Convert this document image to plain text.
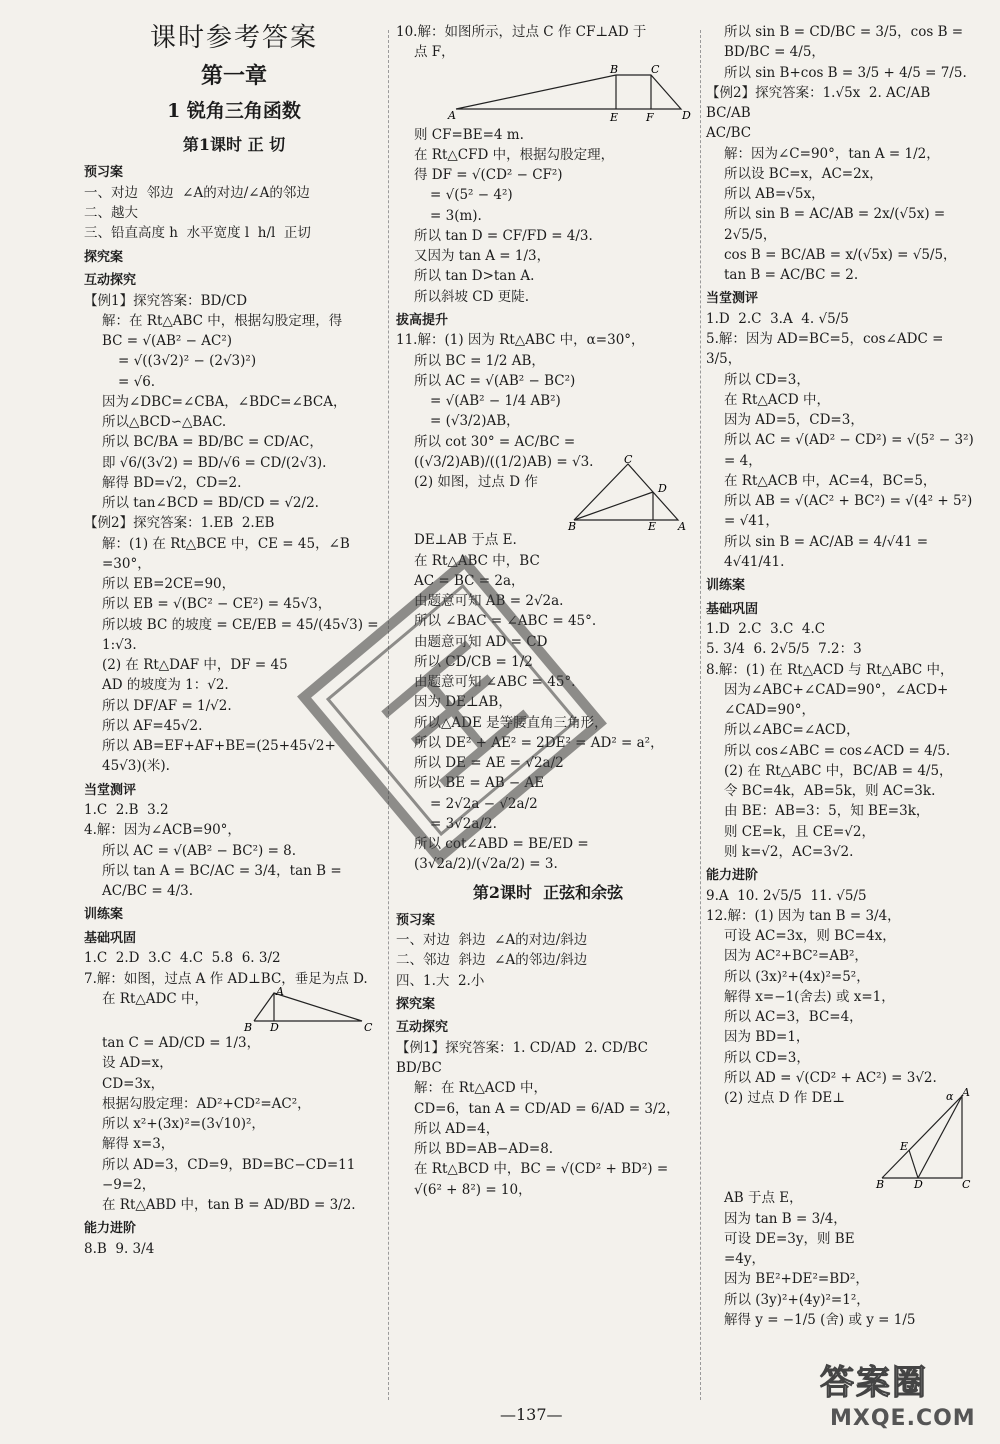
课时参考答案
第一章
1 锐角三角函数
第1课时 正 切
预习案
一、对边  邻边  ∠A的对边/∠A的邻边
二、越大
三、铅直高度 h  水平宽度 l  h/l  正切
探究案
互动探究
【例1】探究答案：BD/CD
解：在 Rt△ABC 中，根据勾股定理，得
BC = √(AB² − AC²)
= √((3√2)² − (2√3)²)
= √6.
因为∠DBC=∠CBA，∠BDC=∠BCA，
所以△BCD∽△BAC.
所以 BC/BA = BD/BC = CD/AC，
即 √6/(3√2) = BD/√6 = CD/(2√3).
解得 BD=√2，CD=2.
所以 tan∠BCD = BD/CD = √2/2.
【例2】探究答案：1.EB  2.EB
解：(1) 在 Rt△BCE 中，CE = 45，∠B
=30°，
所以 EB=2CE=90，
所以 EB = √(BC² − CE²) = 45√3，
所以坡 BC 的坡度 = CE/EB = 45/(45√3) = 1:√3.
(2) 在 Rt△DAF 中，DF = 45
AD 的坡度为 1：√2.
所以 DF/AF = 1/√2.
所以 AF=45√2.
所以 AB=EF+AF+BE=(25+45√2+
45√3)(米).
当堂测评
1.C  2.B  3.2
4.解：因为∠ACB=90°，
所以 AC = √(AB² − BC²) = 8.
所以 tan A = BC/AC = 3/4，tan B = AC/BC = 4/3.
训练案
基础巩固
1.C  2.D  3.C  4.C  5.8  6. 3/2
7.解：如图，过点 A 作 AD⊥BC，垂足为点 D.
在 Rt△ADC 中，	A
B D	C
tan C = AD/CD = 1/3，
设 AD=x，
CD=3x，
根据勾股定理：AD²+CD²=AC²，
所以 x²+(3x)²=(3√10)²，
解得 x=3，
所以 AD=3，CD=9，BD=BC−CD=11
−9=2，
在 Rt△ABD 中，tan B = AD/BD = 3/2.
能力进阶
8.B  9. 3/4
10.解：如图所示，过点 C 作 CF⊥AD 于
点 F，
A
B	C
D
E	F
则 CF=BE=4 m.
在 Rt△CFD 中，根据勾股定理，
得 DF = √(CD² − CF²)
= √(5² − 4²)
= 3(m).
所以 tan D = CF/FD = 4/3.
又因为 tan A = 1/3，
所以 tan D>tan A.
所以斜坡 CD 更陡.
拔高提升
11.解：(1) 因为 Rt△ABC 中，α=30°，
所以 BC = 1/2 AB，
所以 AC = √(AB² − BC²)
= √(AB² − 1/4 AB²)
= (√3/2)AB，
所以 cot 30° = AC/BC = ((√3/2)AB)/((1/2)AB) = √3.
(2) 如图，过点 D 作
C
D
B	E A
DE⊥AB 于点 E.
在 Rt△ABC 中，BC
AC = BC = 2a，
由题意可知 AB = 2√2a.
所以 ∠BAC = ∠ABC = 45°.
由题意可知 AD = CD
所以 CD/CB = 1/2
由题意可知 ∠ABC = 45°.
因为 DE⊥AB，
所以△ADE 是等腰直角三角形，
所以 DE² + AE² = 2DE² = AD² = a²，
所以 DE = AE = √2a/2
所以 BE = AB − AE
= 2√2a − √2a/2
= 3√2a/2.
所以 cot∠ABD = BE/ED = (3√2a/2)/(√2a/2) = 3.
第2课时  正弦和余弦
预习案
一、对边  斜边  ∠A的对边/斜边
二、邻边  斜边  ∠A的邻边/斜边
四、1.大  2.小
探究案
互动探究
【例1】探究答案：1. CD/AD  2. CD/BC  BD/BC
解：在 Rt△ACD 中，
CD=6，tan A = CD/AD = 6/AD = 3/2，
所以 AD=4，
所以 BD=AB−AD=8.
在 Rt△BCD 中，BC = √(CD² + BD²) =
√(6² + 8²) = 10，
所以 sin B = CD/BC = 3/5，cos B = BD/BC = 4/5，
所以 sin B+cos B = 3/5 + 4/5 = 7/5.
【例2】探究答案：1.√5x  2. AC/AB  BC/AB
AC/BC
解：因为∠C=90°，tan A = 1/2，
所以设 BC=x，AC=2x，
所以 AB=√5x，
所以 sin B = AC/AB = 2x/(√5x) = 2√5/5，
cos B = BC/AB = x/(√5x) = √5/5，
tan B = AC/BC = 2.
当堂测评
1.D  2.C  3.A  4. √5/5
5.解：因为 AD=BC=5，cos∠ADC = 3/5，
所以 CD=3，
在 Rt△ACD 中，
因为 AD=5，CD=3，
所以 AC = √(AD² − CD²) = √(5² − 3²) = 4，
在 Rt△ACB 中，AC=4，BC=5，
所以 AB = √(AC² + BC²) = √(4² + 5²)
= √41，
所以 sin B = AC/AB = 4/√41 = 4√41/41.
训练案
基础巩固
1.D  2.C  3.C  4.C
5. 3/4  6. 2√5/5  7.2：3
8.解：(1) 在 Rt△ACD 与 Rt△ABC 中，
因为∠ABC+∠CAD=90°，∠ACD+
∠CAD=90°，
所以∠ABC=∠ACD，
所以 cos∠ABC = cos∠ACD = 4/5.
(2) 在 Rt△ABC 中，BC/AB = 4/5，
令 BC=4k，AB=5k，则 AC=3k.
由 BE：AB=3：5，知 BE=3k，
则 CE=k，且 CE=√2，
则 k=√2，AC=3√2.
能力进阶
9.A  10. 2√5/5  11. √5/5
12.解：(1) 因为 tan B = 3/4，
可设 AC=3x，则 BC=4x，
因为 AC²+BC²=AB²，
所以 (3x)²+(4x)²=5²，
解得 x=−1(舍去) 或 x=1，
所以 AC=3，BC=4，
因为 BD=1，
所以 CD=3，
所以 AD = √(CD² + AC²) = 3√2.
(2) 过点 D 作 DE⊥	A
B	C
D
E
α
AB 于点 E，
因为 tan B = 3/4，
可设 DE=3y，则 BE
=4y，
因为 BE²+DE²=BD²，
所以 (3y)²+(4y)²=1²，
解得 y = −1/5 (舍) 或 y = 1/5
—137—
答案圈
MXQE.COM
